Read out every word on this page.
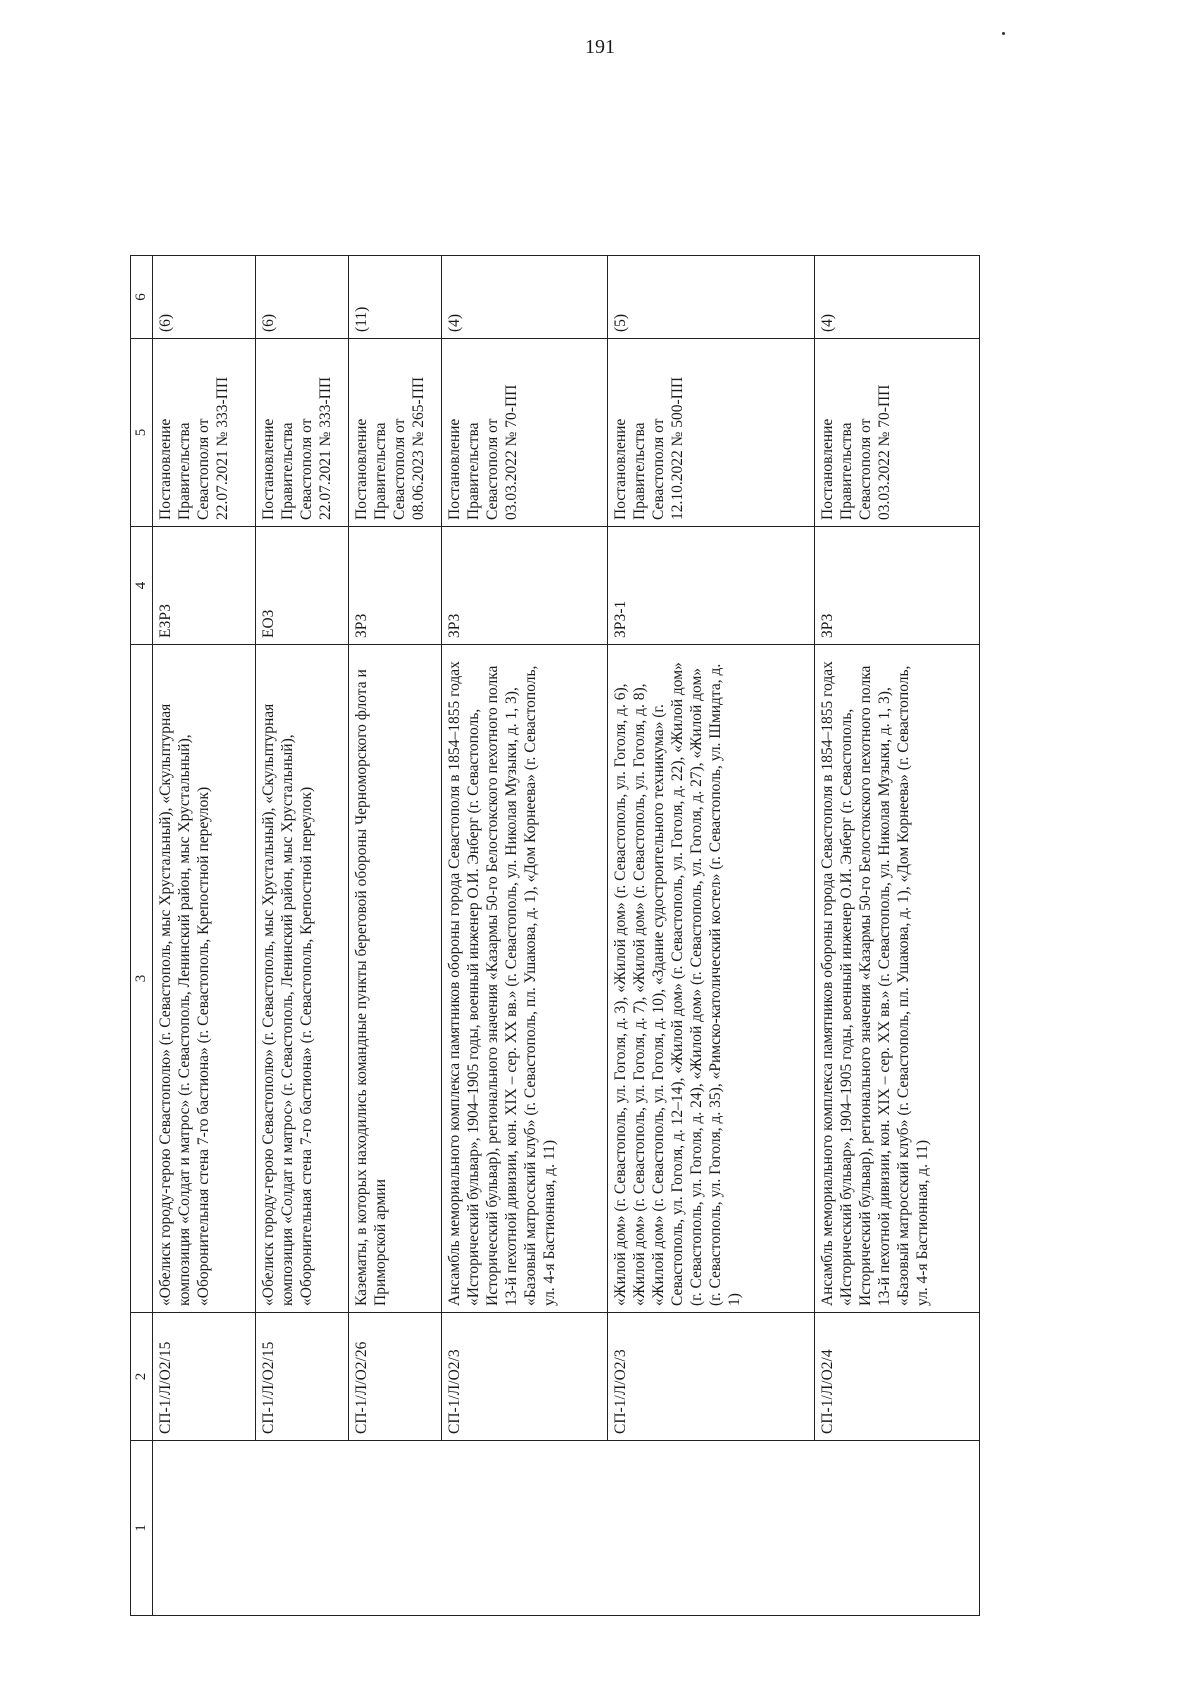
191
1	2	3	4	5	6
	СП-1/Л/О2/15	«Обелиск городу-герою Севастополю» (г. Севастополь, мыс Хрустальный), «Скульптурная композиция «Солдат и матрос» (г. Севастополь, Ленинский район, мыс Хрустальный), «Оборонительная стена 7-го бастиона» (г. Севастополь, Крепостной переулок)	ЕЗРЗ	Постановление Правительства Севастополя от 22.07.2021 № 333-ПП	(6)
	СП-1/Л/О2/15	«Обелиск городу-герою Севастополю» (г. Севастополь, мыс Хрустальный), «Скульптурная композиция «Солдат и матрос» (г. Севастополь, Ленинский район, мыс Хрустальный), «Оборонительная стена 7-го бастиона» (г. Севастополь, Крепостной переулок)	ЕОЗ	Постановление Правительства Севастополя от 22.07.2021 № 333-ПП	(6)
	СП-1/Л/О2/26	Казематы, в которых находились командные пункты береговой обороны Черноморского флота и Приморской армии	ЗРЗ	Постановление Правительства Севастополя от 08.06.2023 № 265-ПП	(11)
	СП-1/Л/О2/3	Ансамбль мемориального комплекса памятников обороны города Севастополя в 1854–1855 годах «Исторический бульвар», 1904–1905 годы, военный инженер О.И. Энберг (г. Севастополь, Исторический бульвар), регионального значения «Казармы 50-го Белостокского пехотного полка 13-й пехотной дивизии, кон. XIX – сер. XX вв.» (г. Севастополь, ул. Николая Музыки, д. 1, 3), «Базовый матросский клуб» (г. Севастополь, пл. Ушакова, д. 1), «Дом Корнеева» (г. Севастополь, ул. 4-я Бастионная, д. 11)	ЗРЗ	Постановление Правительства Севастополя от 03.03.2022 № 70-ПП	(4)
	СП-1/Л/О2/3	«Жилой дом» (г. Севастополь, ул. Гоголя, д. 3), «Жилой дом» (г. Севастополь, ул. Гоголя, д. 6), «Жилой дом» (г. Севастополь, ул. Гоголя, д. 7), «Жилой дом» (г. Севастополь, ул. Гоголя, д. 8), «Жилой дом» (г. Севастополь, ул. Гоголя, д. 10), «Здание судостроительного техникума» (г. Севастополь, ул. Гоголя, д. 12–14), «Жилой дом» (г. Севастополь, ул. Гоголя, д. 22), «Жилой дом» (г. Севастополь, ул. Гоголя, д. 24), «Жилой дом» (г. Севастополь, ул. Гоголя, д. 27), «Жилой дом» (г. Севастополь, ул. Гоголя, д. 35), «Римско-католический костел» (г. Севастополь, ул. Шмидта, д. 1)	ЗРЗ-1	Постановление Правительства Севастополя от 12.10.2022 № 500-ПП	(5)
	СП-1/Л/О2/4	Ансамбль мемориального комплекса памятников обороны города Севастополя в 1854–1855 годах «Исторический бульвар», 1904–1905 годы, военный инженер О.И. Энберг (г. Севастополь, Исторический бульвар), регионального значения «Казармы 50-го Белостокского пехотного полка 13-й пехотной дивизии, кон. XIX – сер. XX вв.» (г. Севастополь, ул. Николая Музыки, д. 1, 3), «Базовый матросский клуб» (г. Севастополь, пл. Ушакова, д. 1), «Дом Корнеева» (г. Севастополь, ул. 4-я Бастионная, д. 11)	ЗРЗ	Постановление Правительства Севастополя от 03.03.2022 № 70-ПП	(4)
